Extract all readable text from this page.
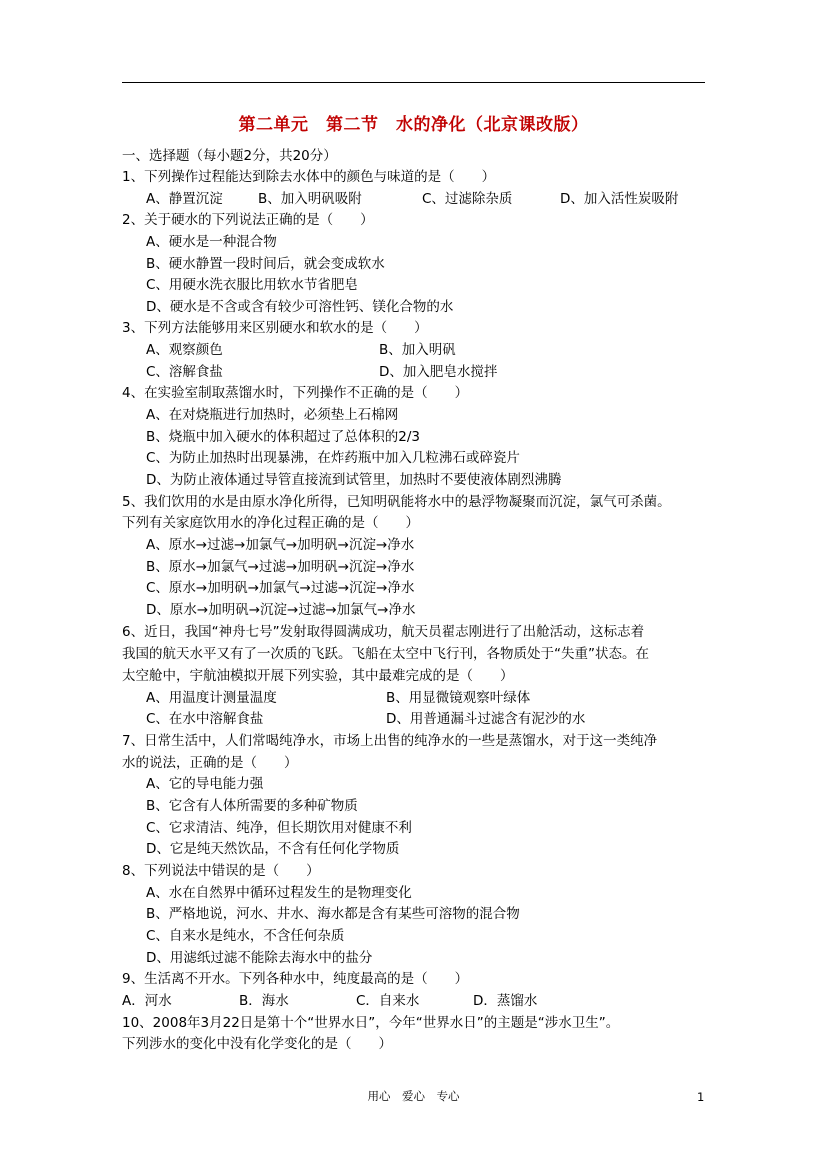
第二单元　第二节　水的净化（北京课改版）
一、选择题（每小题2分，共20分）
1、下列操作过程能达到除去水体中的颜色与味道的是（　　）
A、静置沉淀	B、加入明矾吸附	C、过滤除杂质	D、加入活性炭吸附
2、关于硬水的下列说法正确的是（　　）
A、硬水是一种混合物
B、硬水静置一段时间后，就会变成软水
C、用硬水洗衣服比用软水节省肥皂
D、硬水是不含或含有较少可溶性钙、镁化合物的水
3、下列方法能够用来区别硬水和软水的是（　　）
A、观察颜色	B、加入明矾
C、溶解食盐	D、加入肥皂水搅拌
4、在实验室制取蒸馏水时，下列操作不正确的是（　　）
A、在对烧瓶进行加热时，必须垫上石棉网
B、烧瓶中加入硬水的体积超过了总体积的2/3
C、为防止加热时出现暴沸，在炸药瓶中加入几粒沸石或碎瓷片
D、为防止液体通过导管直接流到试管里，加热时不要使液体剧烈沸腾
5、我们饮用的水是由原水净化所得，已知明矾能将水中的悬浮物凝聚而沉淀，氯气可杀菌。
下列有关家庭饮用水的净化过程正确的是（　　）
A、原水→过滤→加氯气→加明矾→沉淀→净水
B、原水→加氯气→过滤→加明矾→沉淀→净水
C、原水→加明矾→加氯气→过滤→沉淀→净水
D、原水→加明矾→沉淀→过滤→加氯气→净水
6、近日，我国“神舟七号”发射取得圆满成功，航天员翟志刚进行了出舱活动，这标志着
我国的航天水平又有了一次质的飞跃。飞船在太空中飞行刊，各物质处于“失重”状态。在
太空舱中，宇航油模拟开展下列实验，其中最难完成的是（　　）
A、用温度计测量温度	B、用显微镜观察叶绿体
C、在水中溶解食盐	D、用普通漏斗过滤含有泥沙的水
7、日常生活中，人们常喝纯净水，市场上出售的纯净水的一些是蒸馏水，对于这一类纯净
水的说法，正确的是（　　）
A、它的导电能力强
B、它含有人体所需要的多种矿物质
C、它求清洁、纯净，但长期饮用对健康不利
D、它是纯天然饮品，不含有任何化学物质
8、下列说法中错误的是（　　）
A、水在自然界中循环过程发生的是物理变化
B、严格地说，河水、井水、海水都是含有某些可溶物的混合物
C、自来水是纯水，不含任何杂质
D、用滤纸过滤不能除去海水中的盐分
9、生活离不开水。下列各种水中，纯度最高的是（　　）
A．河水	B．海水	C．自来水	D．蒸馏水
10、2008年3月22日是第十个“世界水日”，今年“世界水日”的主题是“涉水卫生”。
下列涉水的变化中没有化学变化的是（　　）
用心　爱心　专心	1
